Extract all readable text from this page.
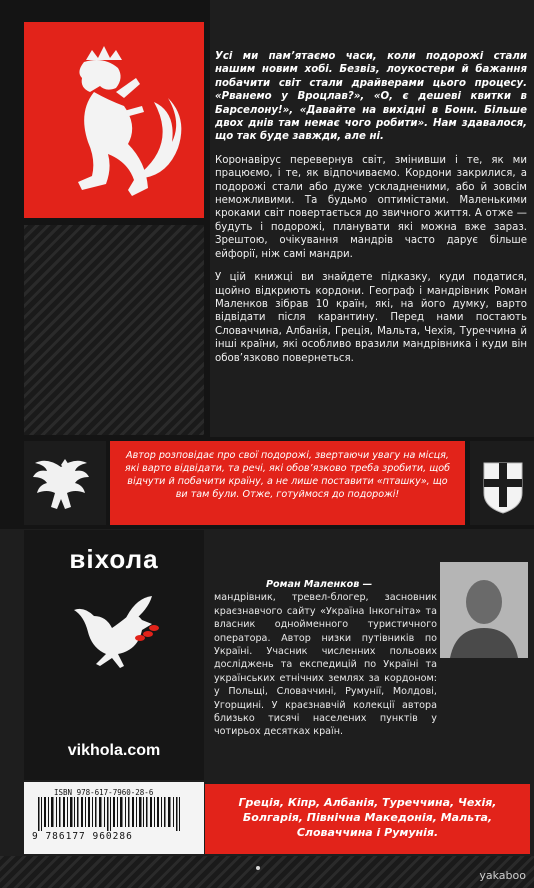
Усі ми пам’ятаємо часи, коли подорожі стали нашим новим хобі. Безвіз, лоукостери й бажання побачити світ стали драйверами цього процесу. «Рванемо у Вроцлав?», «О, є дешеві квитки в Барселону!», «Давайте на вихідні в Бонн. Більше двох днів там немає чого робити». Нам здавалося, що так буде завжди, але ні.

Коронавірус перевернув світ, змінивши і те, як ми працюємо, і те, як відпочиваємо. Кордони закрилися, а подорожі стали або дуже ускладненими, або й зовсім неможливими. Та будьмо оптимістами. Маленькими кроками світ повертається до звичного життя. А отже — будуть і подорожі, планувати які можна вже зараз. Зрештою, очікування мандрів часто дарує більше ейфорії, ніж самі мандри.

У цій книжці ви знайдете підказку, куди податися, щойно відкриють кордони. Географ і мандрівник Роман Маленков зібрав 10 країн, які, на його думку, варто відвідати після карантину. Перед нами постають Словаччина, Албанія, Греція, Мальта, Чехія, Туреччина й інші країни, які особливо вразили мандрівника і куди він обов’язково повернеться.

Автор розповідає про свої подорожі, звертаючи увагу на місця, які варто відвідати, та речі, які обов’язково треба зробити, щоб відчути й побачити країну, а не лише поставити «пташку», що ви там були. Отже, готуймося до подорожі!
віхола
vikhola.com
Роман Маленков —
мандрівник, тревел-блогер, засновник краєзнавчого сайту «Україна Інкогніта» та власник однойменного туристичного оператора. Автор низки путівників по Україні. Учасник численних польових досліджень та експедицій по Україні та українських етнічних землях за кордоном: у Польщі, Словаччині, Румунії, Молдові, Угорщині. У краєзнавчій колекції автора близько тисячі населених пунктів у чотирьох десятках країн.
ISBN 978-617-7960-28-6
9 786177 960286
Греція, Кіпр, Албанія, Туреччина, Чехія, Болгарія, Північна Македонія, Мальта, Словаччина і Румунія.
yakaboo
